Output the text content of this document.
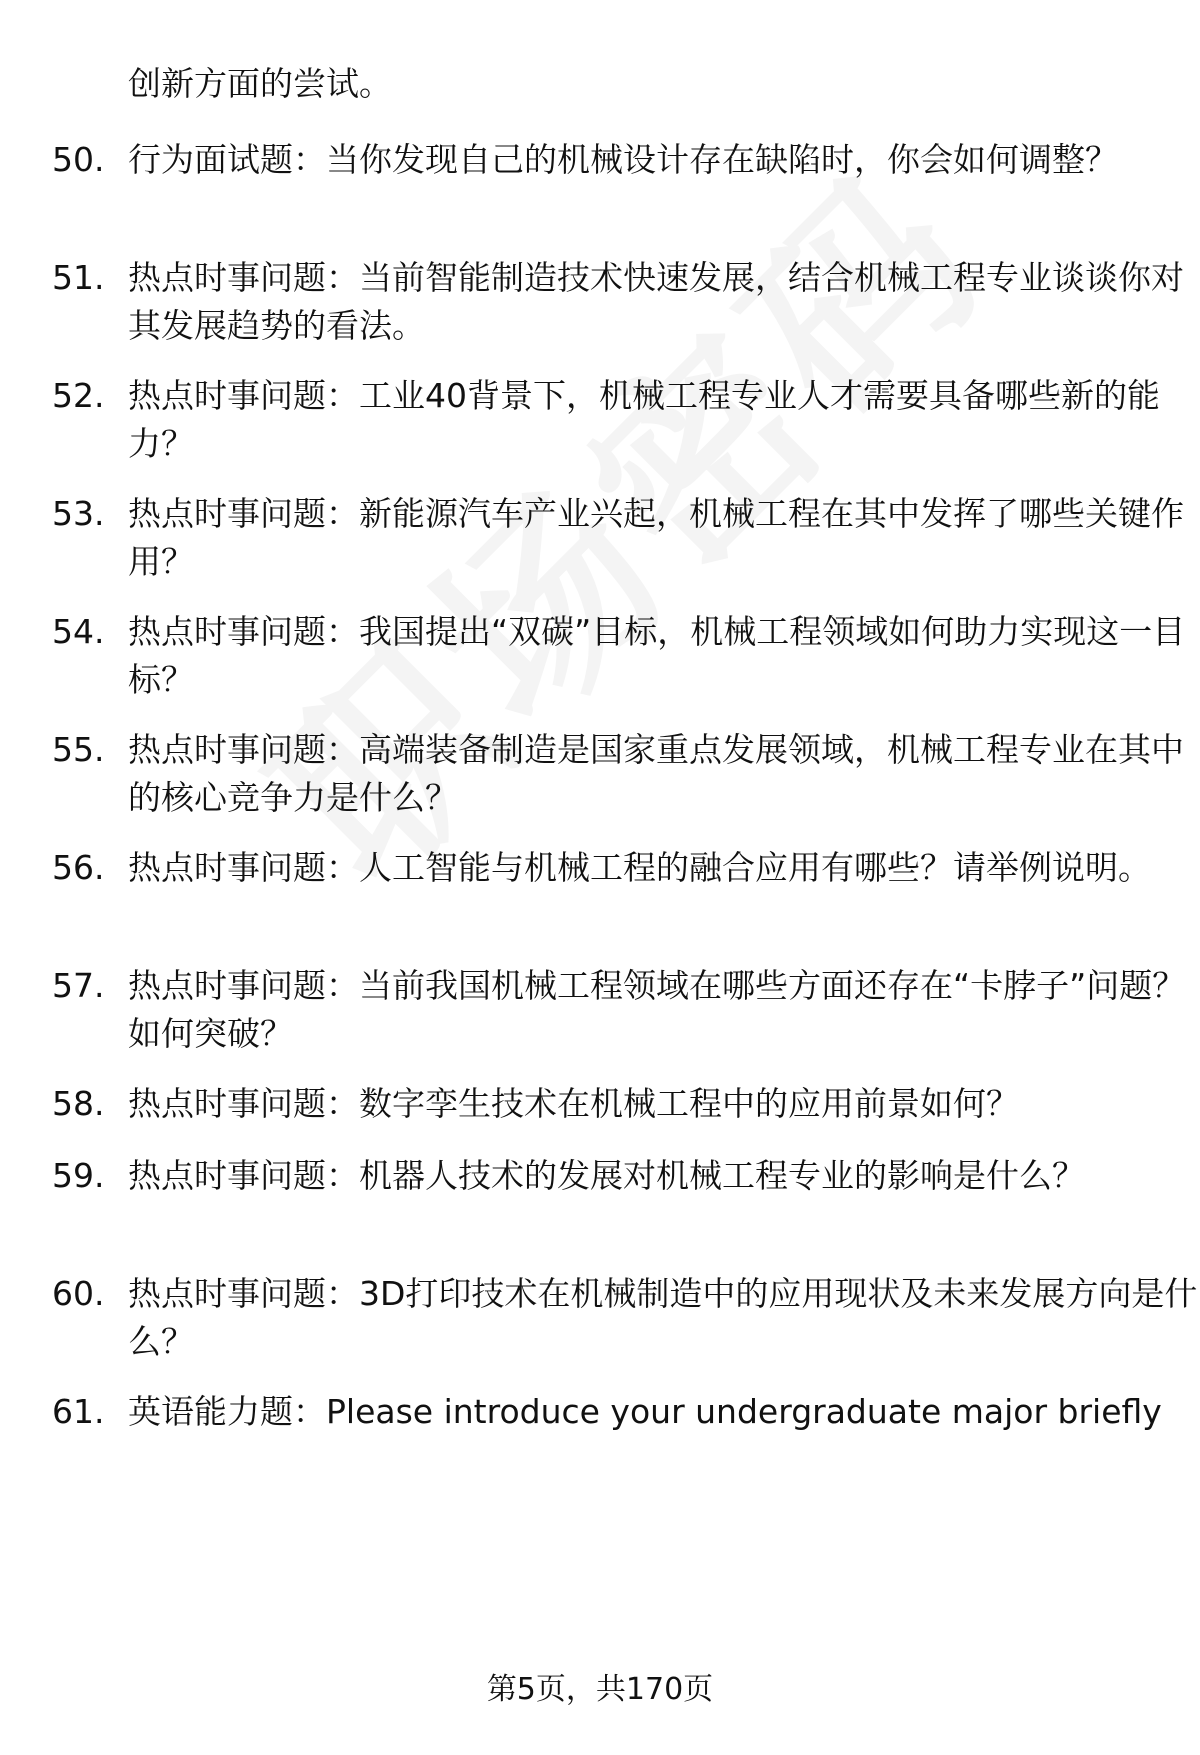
创新方面的尝试。
50. 行为面试题：当你发现自己的机械设计存在缺陷时，你会如何调整？
51. 热点时事问题：当前智能制造技术快速发展，结合机械工程专业谈谈你对其发展趋势的看法。
52. 热点时事问题：工业40背景下，机械工程专业人才需要具备哪些新的能力？
53. 热点时事问题：新能源汽车产业兴起，机械工程在其中发挥了哪些关键作用？
54. 热点时事问题：我国提出“双碳”目标，机械工程领域如何助力实现这一目标？
55. 热点时事问题：高端装备制造是国家重点发展领域，机械工程专业在其中的核心竞争力是什么？
56. 热点时事问题：人工智能与机械工程的融合应用有哪些？请举例说明。
57. 热点时事问题：当前我国机械工程领域在哪些方面还存在“卡脖子”问题？如何突破？
58. 热点时事问题：数字孪生技术在机械工程中的应用前景如何？
59. 热点时事问题：机器人技术的发展对机械工程专业的影响是什么？
60. 热点时事问题：3D打印技术在机械制造中的应用现状及未来发展方向是什么？
61. 英语能力题：Please introduce your undergraduate major briefly
第5页，共170页
